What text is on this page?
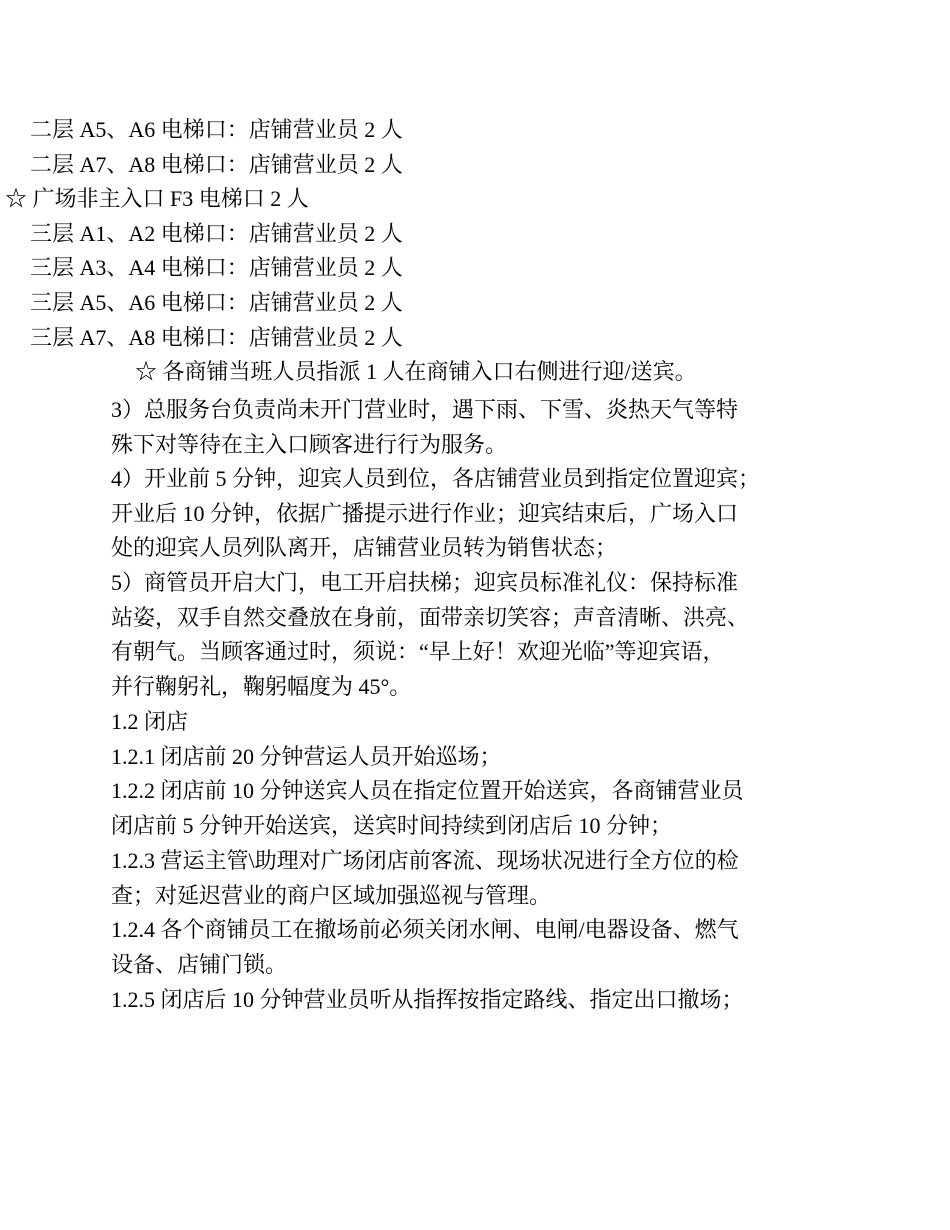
二层 A5、A6 电梯口：店铺营业员 2 人
二层 A7、A8 电梯口：店铺营业员 2 人
☆ 广场非主入口 F3 电梯口 2 人
三层 A1、A2 电梯口：店铺营业员 2 人
三层 A3、A4 电梯口：店铺营业员 2 人
三层 A5、A6 电梯口：店铺营业员 2 人
三层 A7、A8 电梯口：店铺营业员 2 人
☆ 各商铺当班人员指派 1 人在商铺入口右侧进行迎/送宾。
3）总服务台负责尚未开门营业时，遇下雨、下雪、炎热天气等特
殊下对等待在主入口顾客进行行为服务。
4）开业前 5 分钟，迎宾人员到位，各店铺营业员到指定位置迎宾；
开业后 10 分钟，依据广播提示进行作业；迎宾结束后，广场入口
处的迎宾人员列队离开，店铺营业员转为销售状态；
5）商管员开启大门，电工开启扶梯；迎宾员标准礼仪：保持标准
站姿，双手自然交叠放在身前，面带亲切笑容；声音清晰、洪亮、
有朝气。当顾客通过时，须说：“早上好！欢迎光临”等迎宾语，
并行鞠躬礼，鞠躬幅度为 45°。
1.2 闭店
1.2.1 闭店前 20 分钟营运人员开始巡场；
1.2.2 闭店前 10 分钟送宾人员在指定位置开始送宾，各商铺营业员
闭店前 5 分钟开始送宾，送宾时间持续到闭店后 10 分钟；
1.2.3 营运主管\助理对广场闭店前客流、现场状况进行全方位的检
查；对延迟营业的商户区域加强巡视与管理。
1.2.4 各个商铺员工在撤场前必须关闭水闸、电闸/电器设备、燃气
设备、店铺门锁。
1.2.5 闭店后 10 分钟营业员听从指挥按指定路线、指定出口撤场；
